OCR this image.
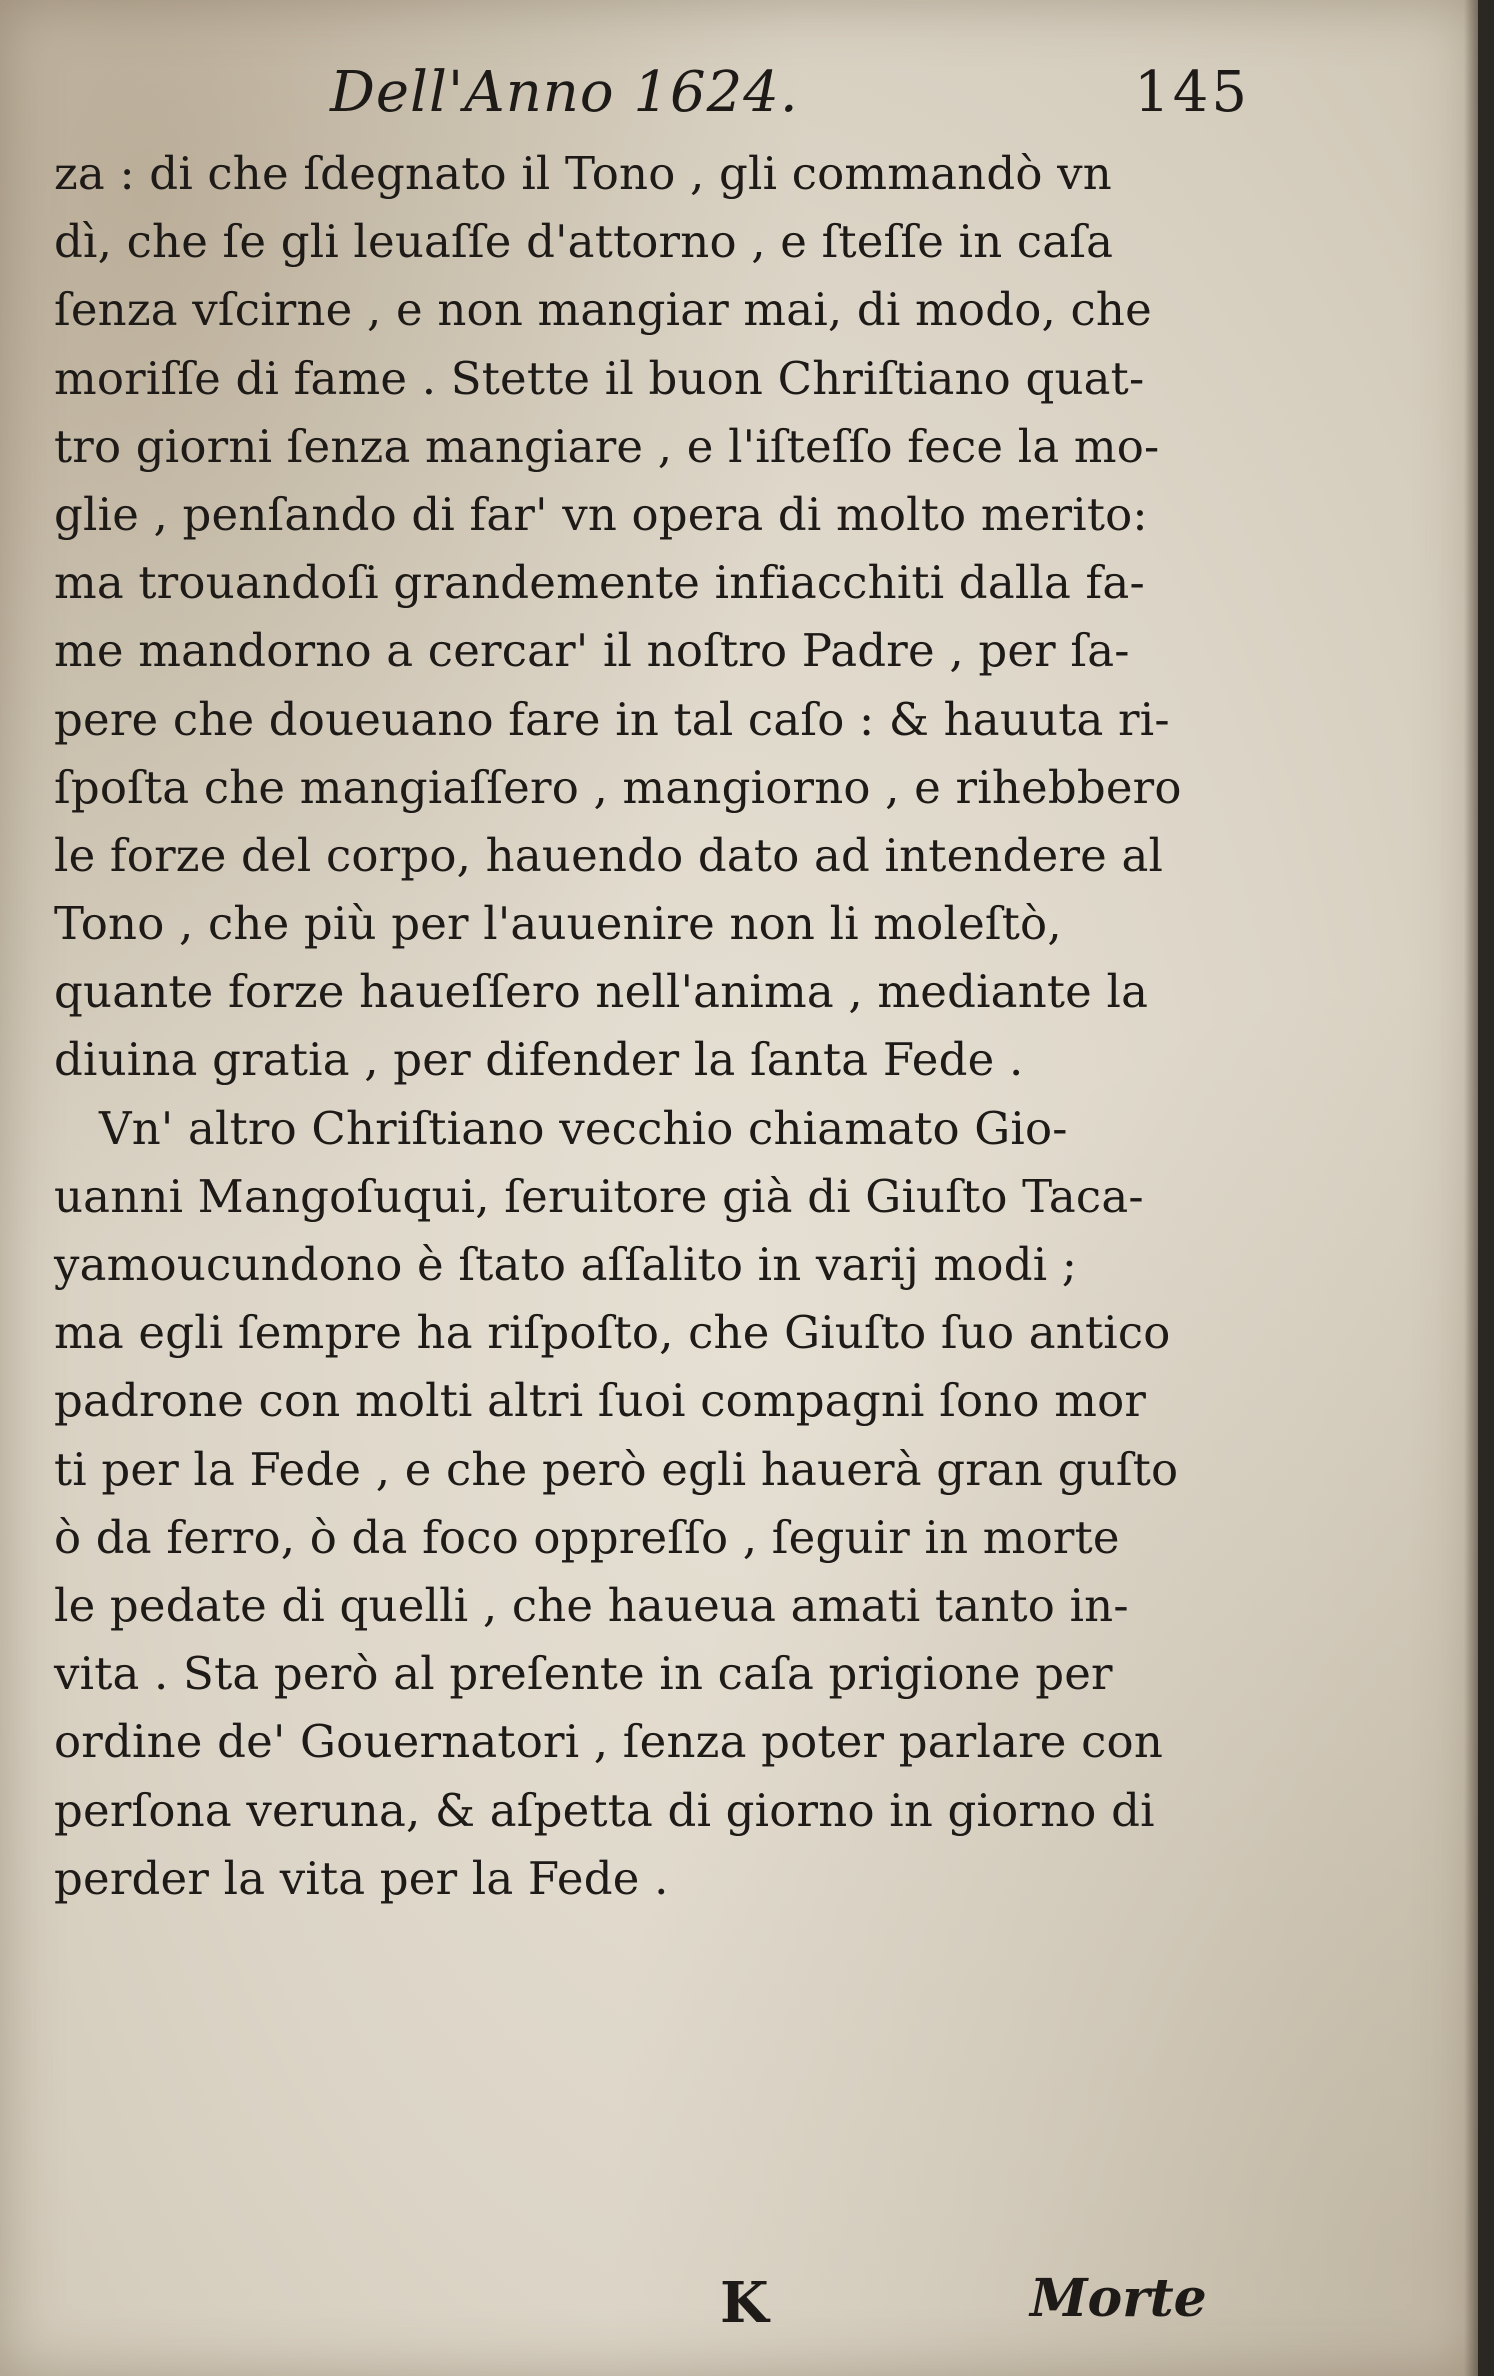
Dell'Anno 1624.	145
za : di che ſdegnato il Tono , gli commandò vn
dì, che ſe gli leuaſſe d'attorno , e ſteſſe in caſa
ſenza vſcirne , e non mangiar mai, di modo, che
moriſſe di fame . Stette il buon Chriſtiano quat-
tro giorni ſenza mangiare , e l'iſteſſo fece la mo-
glie , penſando di far' vn opera di molto merito:
ma trouandoſi grandemente infiacchiti dalla fa-
me mandorno a cercar' il noſtro Padre , per ſa-
pere che doueuano fare in tal caſo : & hauuta ri-
ſpoſta che mangiaſſero , mangiorno , e rihebbero
le forze del corpo, hauendo dato ad intendere al
Tono , che più per l'auuenire non li moleſtò,
quante forze haueſſero nell'anima , mediante la
diuina gratia , per difender la ſanta Fede .
Vn' altro Chriſtiano vecchio chiamato Gio-
uanni Mangoſuqui, ſeruitore già di Giuſto Taca-
yamoucundono è ſtato aſſalito in varij modi ;
ma egli ſempre ha riſpoſto, che Giuſto ſuo antico
padrone con molti altri ſuoi compagni ſono mor
ti per la Fede , e che però egli hauerà gran guſto
ò da ferro, ò da foco oppreſſo , ſeguir in morte
le pedate di quelli , che haueua amati tanto in-
vita . Sta però al preſente in caſa prigione per
ordine de' Gouernatori , ſenza poter parlare con
perſona veruna, & aſpetta di giorno in giorno di
perder la vita per la Fede .
K	Morte
